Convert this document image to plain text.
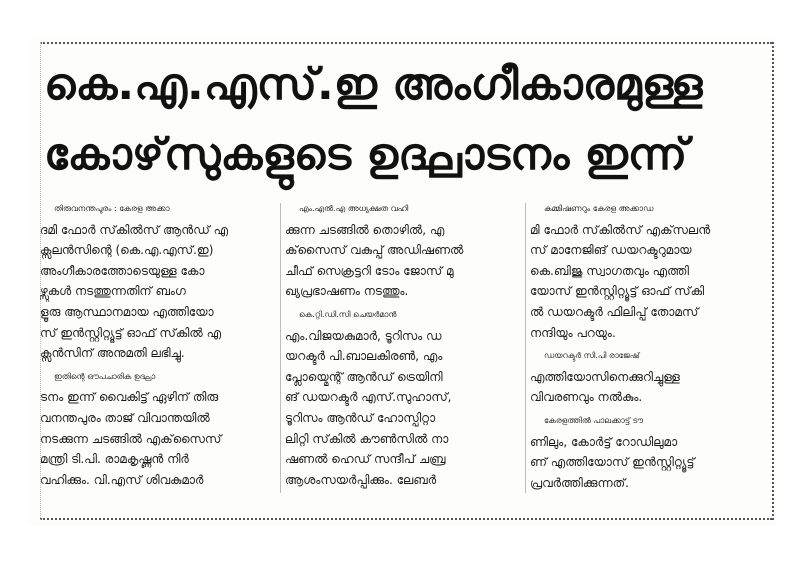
കെ.എ.എസ്.ഇ അംഗീകാരമുള്ള
കോഴ്‌സുകളുടെ ഉദ്ഘാടനം ഇന്ന്

തിരുവനന്തപുരം : കേരള അക്കാ
ദമി ഫോർ സ്‌കിൽസ് ആൻഡ് എ
ക്സലൻസിന്റെ (കെ.എ.എസ്.ഇ)
അംഗീകാരത്തോടെയുള്ള കോ
ഴ്സുകൾ നടത്തുന്നതിന് ബംഗ
ളൂരു ആസ്ഥാനമായ എത്തിയോ
സ് ഇൻസ്റ്റിറ്റ്യൂട്ട് ഓഫ് സ്‌കിൽ എ
ക്സൻസിന് അനുമതി ലഭിച്ചു.

ഇതിന്റെ ഔപചാരിക ഉദ്ഘാ
ടനം ഇന്ന് വൈകിട്ട് ഏഴിന് തിരു
വനന്തപുരം താജ് വിവാന്തയിൽ
നടക്കുന്ന ചടങ്ങിൽ എക്‌സൈസ്
മന്ത്രി ടി.പി. രാമകൃഷ്ണൻ നിർ
വഹിക്കും. വി.എസ് ശിവകുമാർ

എം.എൽ.എ അധ്യക്ഷത വഹി
ക്കുന്ന ചടങ്ങിൽ തൊഴിൽ, എ
ക്‌സൈസ് വകുപ്പ് അഡിഷണൽ
ചീഫ് സെക്രട്ടറി ടോം ജോസ് മു
ഖ്യപ്രഭാഷണം നടത്തും.

കെ.റ്റി.ഡി.സി ചെയർമാൻ
എം.വിജയകുമാർ, ടൂറിസം ഡ
യറക്ടർ പി.ബാലകിരൺ, എം
പ്ലോയ്മെന്റ് ആൻഡ് ട്രെയിനി
ങ് ഡയറക്ടർ എസ്.സുഹാസ്,
ടൂറിസം ആൻഡ് ഹോസ്പിറ്റാ
ലിറ്റി സ്‌കിൽ കൗൺസിൽ നാ
ഷണൽ ഹെഡ് സന്ദീപ് ചബ്ര
ആശംസയർപ്പിക്കും. ലേബർ

കമ്മിഷണറും കേരള അക്കാഡ
മി ഫോർ സ്‌കിൽസ് എക്‌സലൻ
സ് മാനേജിങ് ഡയറക്ടറുമായ
കെ.ബിജു സ്വാഗതവും എത്തി
യോസ് ഇൻസ്റ്റിറ്റ്യൂട്ട് ഓഫ് സ്‌കി
ൽ ഡയറക്ടർ ഫിലിപ്പ് തോമസ്
നന്ദിയും പറയും.

ഡയറക്ടർ സി.പി രാജേഷ്
എത്തിയോസിനെക്കുറിച്ചുള്ള
വിവരണവും നൽകും.

കേരളത്തിൽ പാലക്കാട്ട് ടൗ
ണിലും, കോർട്ട് റോഡിലുമാ
ണ് എത്തിയോസ് ഇൻസ്റ്റിറ്റ്യൂട്ട്
പ്രവർത്തിക്കുന്നത്.
